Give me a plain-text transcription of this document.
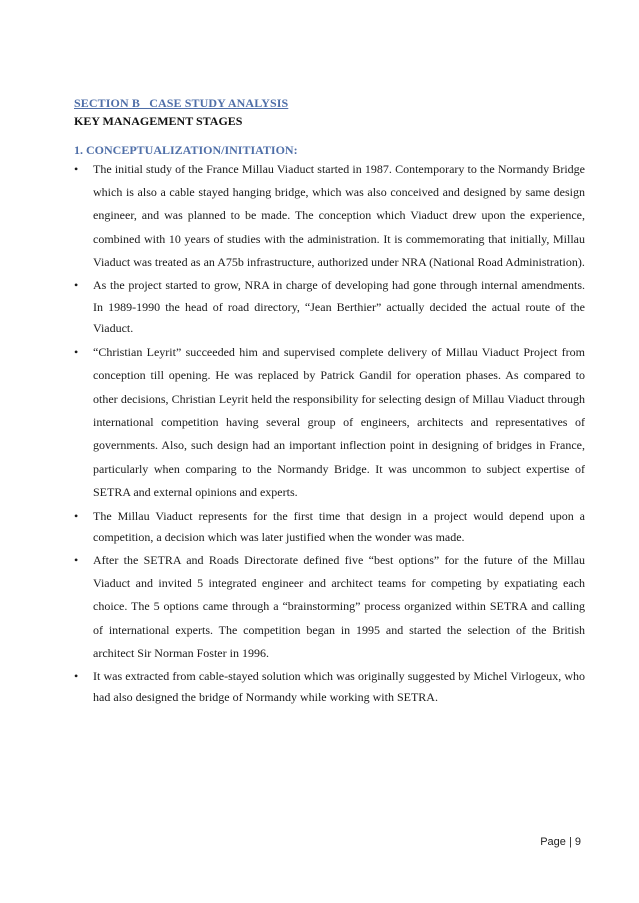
SECTION B   CASE STUDY ANALYSIS
KEY MANAGEMENT STAGES
1. CONCEPTUALIZATION/INITIATION:
• The initial study of the France Millau Viaduct started in 1987. Contemporary to the Normandy Bridge which is also a cable stayed hanging bridge, which was also conceived and designed by same design engineer, and was planned to be made. The conception which Viaduct drew upon the experience, combined with 10 years of studies with the administration. It is commemorating that initially, Millau Viaduct was treated as an A75b infrastructure, authorized under NRA (National Road Administration).
• As the project started to grow, NRA in charge of developing had gone through internal amendments. In 1989-1990 the head of road directory, “Jean Berthier” actually decided the actual route of the Viaduct.
• “Christian Leyrit” succeeded him and supervised complete delivery of Millau Viaduct Project from conception till opening. He was replaced by Patrick Gandil for operation phases. As compared to other decisions, Christian Leyrit held the responsibility for selecting design of Millau Viaduct through international competition having several group of engineers, architects and representatives of governments. Also, such design had an important inflection point in designing of bridges in France, particularly when comparing to the Normandy Bridge. It was uncommon to subject expertise of SETRA and external opinions and experts.
• The Millau Viaduct represents for the first time that design in a project would depend upon a competition, a decision which was later justified when the wonder was made.
• After the SETRA and Roads Directorate defined five “best options” for the future of the Millau Viaduct and invited 5 integrated engineer and architect teams for competing by expatiating each choice. The 5 options came through a “brainstorming” process organized within SETRA and calling of international experts. The competition began in 1995 and started the selection of the British architect Sir Norman Foster in 1996.
• It was extracted from cable-stayed solution which was originally suggested by Michel Virlogeux, who had also designed the bridge of Normandy while working with SETRA.
Page | 9
